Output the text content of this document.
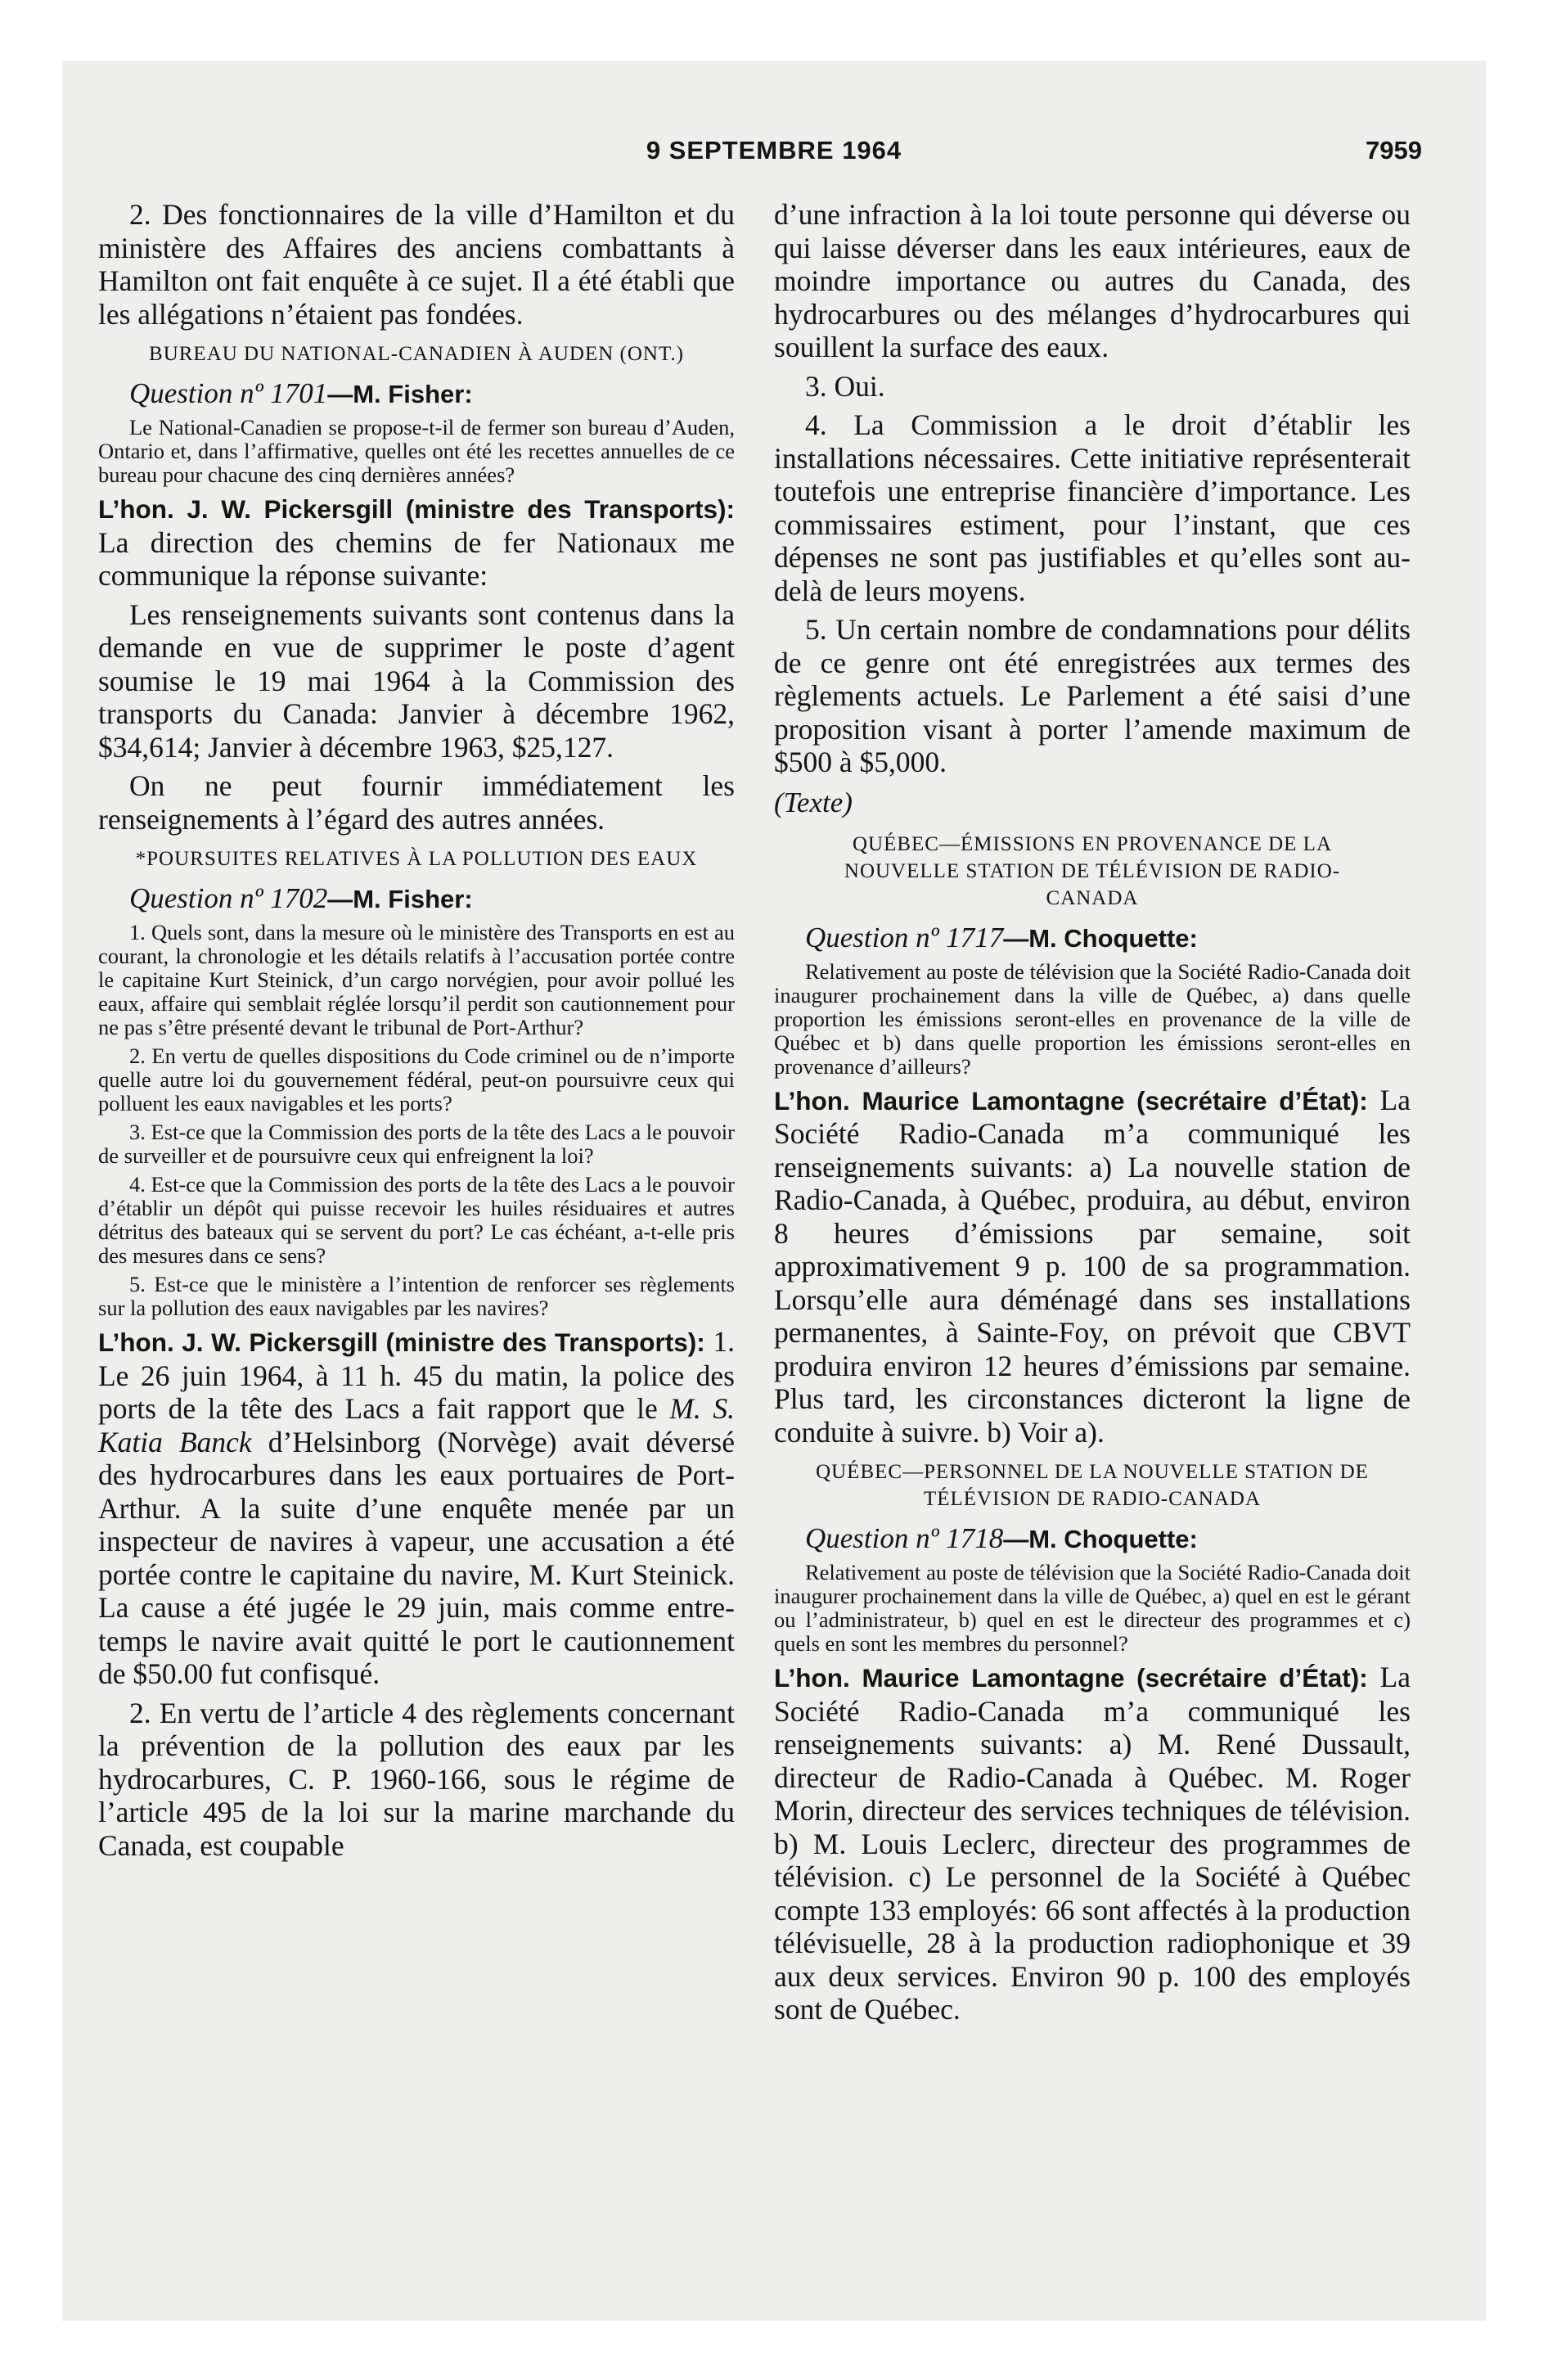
9 SEPTEMBRE 1964	7959

2. Des fonctionnaires de la ville d’Hamilton et du ministère des Affaires des anciens combattants à Hamilton ont fait enquête à ce sujet. Il a été établi que les allégations n’étaient pas fondées.

BUREAU DU NATIONAL-CANADIEN À AUDEN (ONT.)

Question nº 1701—M. Fisher:

Le National-Canadien se propose-t-il de fermer son bureau d’Auden, Ontario et, dans l’affirmative, quelles ont été les recettes annuelles de ce bureau pour chacune des cinq dernières années?

L’hon. J. W. Pickersgill (ministre des Transports): La direction des chemins de fer Nationaux me communique la réponse suivante:

Les renseignements suivants sont contenus dans la demande en vue de supprimer le poste d’agent soumise le 19 mai 1964 à la Commission des transports du Canada: Janvier à décembre 1962, $34,614; Janvier à décembre 1963, $25,127.

On ne peut fournir immédiatement les renseignements à l’égard des autres années.

*POURSUITES RELATIVES À LA POLLUTION DES EAUX

Question nº 1702—M. Fisher:

1. Quels sont, dans la mesure où le ministère des Transports en est au courant, la chronologie et les détails relatifs à l’accusation portée contre le capitaine Kurt Steinick, d’un cargo norvégien, pour avoir pollué les eaux, affaire qui semblait réglée lorsqu’il perdit son cautionnement pour ne pas s’être présenté devant le tribunal de Port-Arthur?

2. En vertu de quelles dispositions du Code criminel ou de n’importe quelle autre loi du gouvernement fédéral, peut-on poursuivre ceux qui polluent les eaux navigables et les ports?

3. Est-ce que la Commission des ports de la tête des Lacs a le pouvoir de surveiller et de poursuivre ceux qui enfreignent la loi?

4. Est-ce que la Commission des ports de la tête des Lacs a le pouvoir d’établir un dépôt qui puisse recevoir les huiles résiduaires et autres détritus des bateaux qui se servent du port? Le cas échéant, a-t-elle pris des mesures dans ce sens?

5. Est-ce que le ministère a l’intention de renforcer ses règlements sur la pollution des eaux navigables par les navires?

L’hon. J. W. Pickersgill (ministre des Transports): 1. Le 26 juin 1964, à 11 h. 45 du matin, la police des ports de la tête des Lacs a fait rapport que le M. S. Katia Banck d’Helsinborg (Norvège) avait déversé des hydrocarbures dans les eaux portuaires de Port-Arthur. A la suite d’une enquête menée par un inspecteur de navires à vapeur, une accusation a été portée contre le capitaine du navire, M. Kurt Steinick. La cause a été jugée le 29 juin, mais comme entre-temps le navire avait quitté le port le cautionnement de $50.00 fut confisqué.

2. En vertu de l’article 4 des règlements concernant la prévention de la pollution des eaux par les hydrocarbures, C. P. 1960-166, sous le régime de l’article 495 de la loi sur la marine marchande du Canada, est coupable

d’une infraction à la loi toute personne qui déverse ou qui laisse déverser dans les eaux intérieures, eaux de moindre importance ou autres du Canada, des hydrocarbures ou des mélanges d’hydrocarbures qui souillent la surface des eaux.

3. Oui.

4. La Commission a le droit d’établir les installations nécessaires. Cette initiative représenterait toutefois une entreprise financière d’importance. Les commissaires estiment, pour l’instant, que ces dépenses ne sont pas justifiables et qu’elles sont au-delà de leurs moyens.

5. Un certain nombre de condamnations pour délits de ce genre ont été enregistrées aux termes des règlements actuels. Le Parlement a été saisi d’une proposition visant à porter l’amende maximum de $500 à $5,000.

(Texte)

QUÉBEC—ÉMISSIONS EN PROVENANCE DE LA NOUVELLE STATION DE TÉLÉVISION DE RADIO-CANADA

Question nº 1717—M. Choquette:

Relativement au poste de télévision que la Société Radio-Canada doit inaugurer prochainement dans la ville de Québec, a) dans quelle proportion les émissions seront-elles en provenance de la ville de Québec et b) dans quelle proportion les émissions seront-elles en provenance d’ailleurs?

L’hon. Maurice Lamontagne (secrétaire d’État): La Société Radio-Canada m’a communiqué les renseignements suivants: a) La nouvelle station de Radio-Canada, à Québec, produira, au début, environ 8 heures d’émissions par semaine, soit approximativement 9 p. 100 de sa programmation. Lorsqu’elle aura déménagé dans ses installations permanentes, à Sainte-Foy, on prévoit que CBVT produira environ 12 heures d’émissions par semaine. Plus tard, les circonstances dicteront la ligne de conduite à suivre. b) Voir a).

QUÉBEC—PERSONNEL DE LA NOUVELLE STATION DE TÉLÉVISION DE RADIO-CANADA

Question nº 1718—M. Choquette:

Relativement au poste de télévision que la Société Radio-Canada doit inaugurer prochainement dans la ville de Québec, a) quel en est le gérant ou l’administrateur, b) quel en est le directeur des programmes et c) quels en sont les membres du personnel?

L’hon. Maurice Lamontagne (secrétaire d’État): La Société Radio-Canada m’a communiqué les renseignements suivants: a) M. René Dussault, directeur de Radio-Canada à Québec. M. Roger Morin, directeur des services techniques de télévision. b) M. Louis Leclerc, directeur des programmes de télévision. c) Le personnel de la Société à Québec compte 133 employés: 66 sont affectés à la production télévisuelle, 28 à la production radiophonique et 39 aux deux services. Environ 90 p. 100 des employés sont de Québec.
